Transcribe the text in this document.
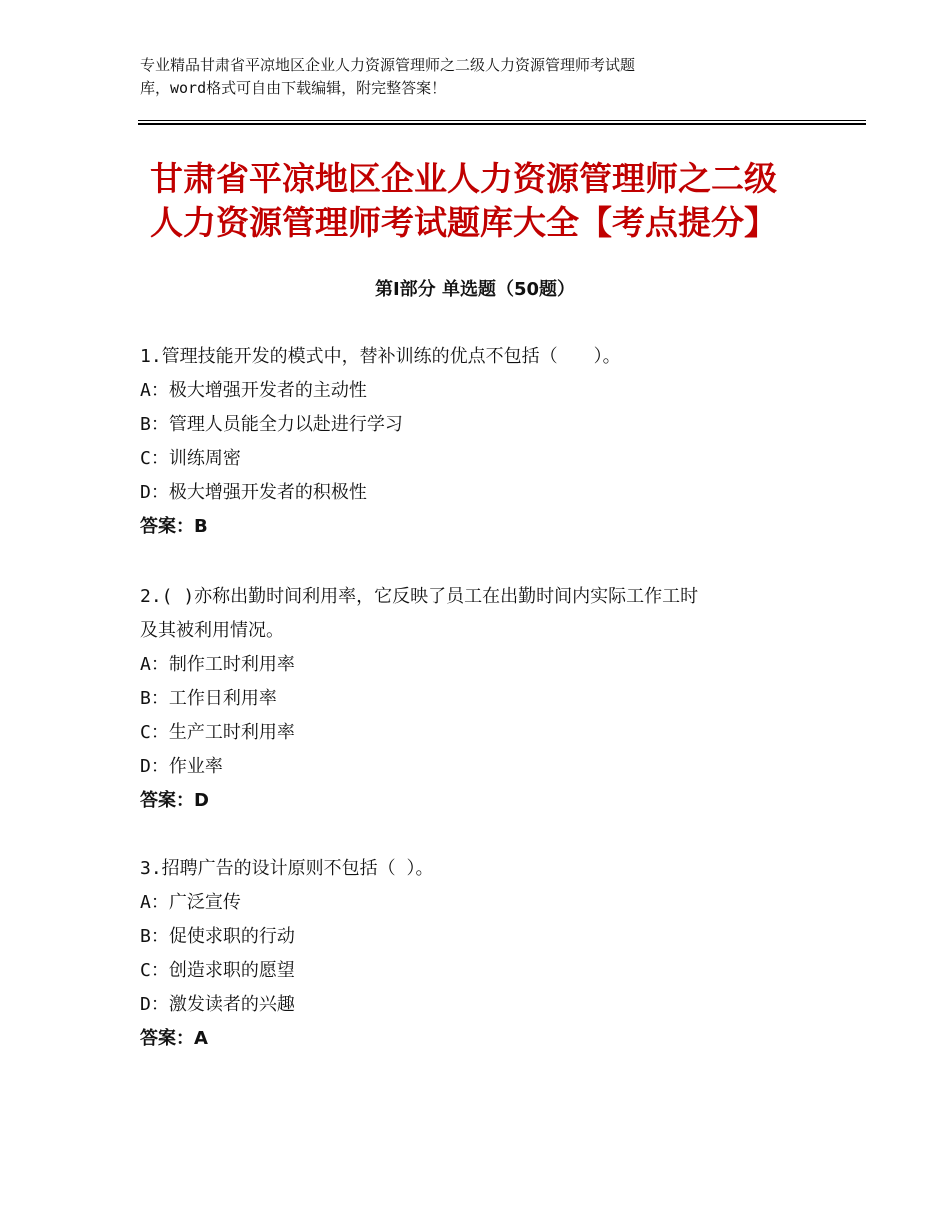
专业精品甘肃省平凉地区企业人力资源管理师之二级人力资源管理师考试题
库，word格式可自由下载编辑，附完整答案！
甘肃省平凉地区企业人力资源管理师之二级
人力资源管理师考试题库大全【考点提分】
第Ⅰ部分 单选题（50题）
1.管理技能开发的模式中，替补训练的优点不包括（　　）。
A：极大增强开发者的主动性
B：管理人员能全力以赴进行学习
C：训练周密
D：极大增强开发者的积极性
答案：B
2.( )亦称出勤时间利用率，它反映了员工在出勤时间内实际工作工时
及其被利用情况。
A：制作工时利用率
B：工作日利用率
C：生产工时利用率
D：作业率
答案：D
3.招聘广告的设计原则不包括（ ）。
A：广泛宣传
B：促使求职的行动
C：创造求职的愿望
D：激发读者的兴趣
答案：A
